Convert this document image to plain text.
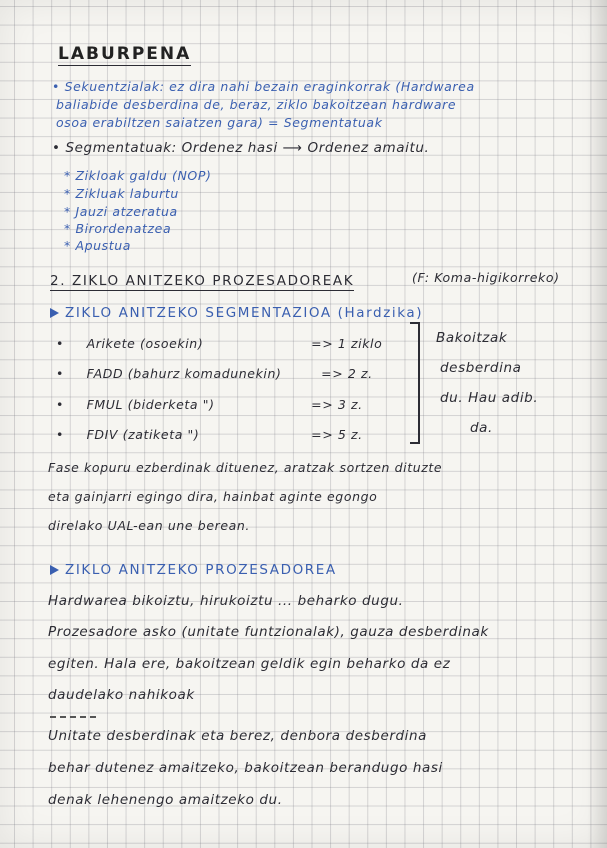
LABURPENA
• Sekuentzialak: ez dira nahi bezain eraginkorrak (Hardwarea
baliabide desberdina de, beraz, ziklo bakoitzean hardware
osoa erabiltzen saiatzen gara) = Segmentatuak
• Segmentatuak: Ordenez hasi ⟶ Ordenez amaitu.
* Zikloak galdu (NOP)
* Zikluak laburtu
* Jauzi atzeratua
* Birordenatzea
* Apustua
2. ZIKLO ANITZEKO PROZESADOREAK	(F: Koma-higikorreko)
ZIKLO ANITZEKO SEGMENTAZIOA (Hardzika)
• Arikete (osoekin)	=> 1 ziklo
• FADD (bahurz komadunekin)	=> 2 z.
• FMUL (biderketa ")	=> 3 z.
• FDIV (zatiketa ")	=> 5 z.
Bakoitzak
desberdina
du. Hau adib.
da.
Fase kopuru ezberdinak dituenez, aratzak sortzen dituzte
eta gainjarri egingo dira, hainbat aginte egongo
direlako UAL-ean une berean.
ZIKLO ANITZEKO PROZESADOREA
Hardwarea bikoiztu, hirukoiztu ... beharko dugu.
Prozesadore asko (unitate funtzionalak), gauza desberdinak
egiten. Hala ere, bakoitzean geldik egin beharko da ez
daudelako nahikoak
Unitate desberdinak eta berez, denbora desberdina
behar dutenez amaitzeko, bakoitzean berandugo hasi
denak lehenengo amaitzeko du.
